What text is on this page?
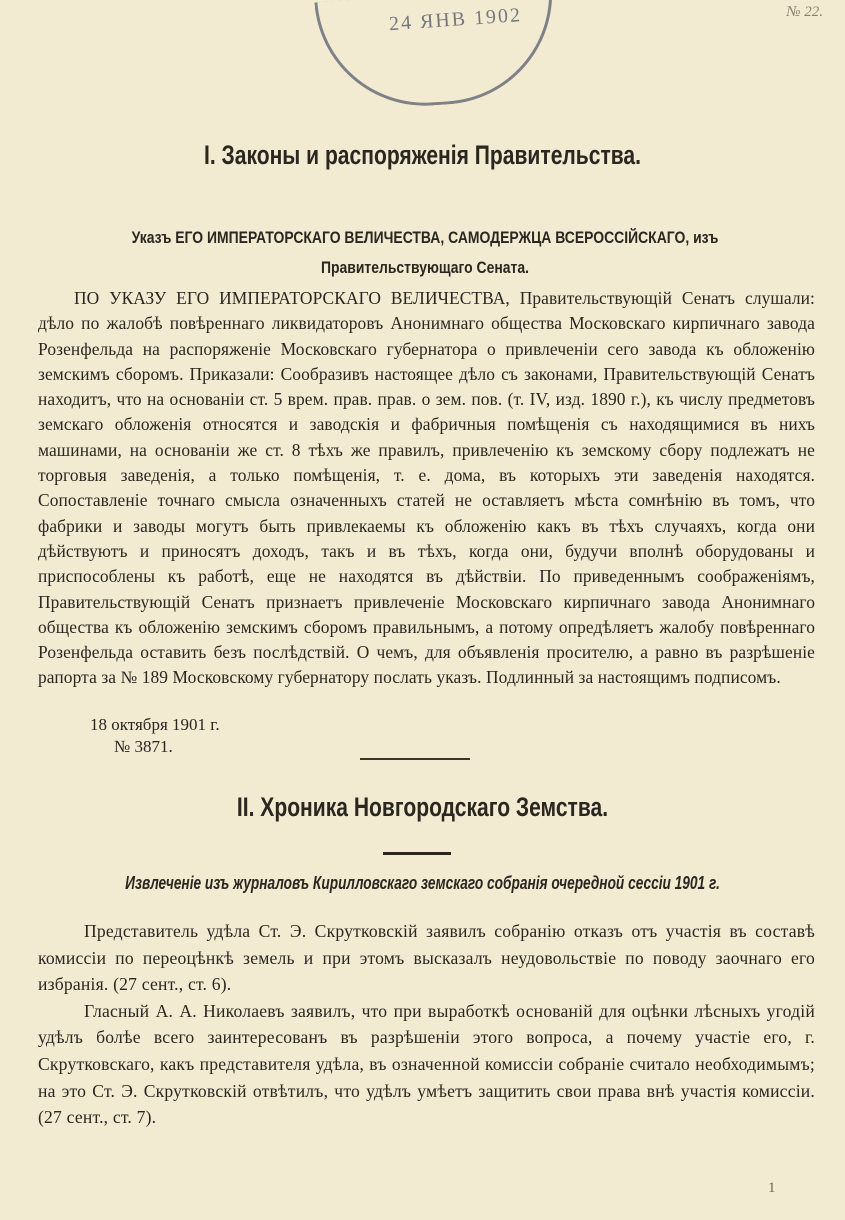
№ 22.
24 ЯНВ 1902
I. Законы и распоряженія Правительства.
Указъ ЕГО ИМПЕРАТОРСКАГО ВЕЛИЧЕСТВА, САМОДЕРЖЦА ВСЕРОССІЙСКАГО, изъ Правительствующаго Сената.

ПО УКАЗУ ЕГО ИМПЕРАТОРСКАГО ВЕЛИЧЕСТВА, Правительствующій Сенатъ слушали: дѣло по жалобѣ повѣреннаго ликвидаторовъ Анонимнаго общества Московскаго кирпичнаго завода Розенфельда на распоряженіе Московскаго губернатора о привлеченіи сего завода къ обложенію земскимъ сборомъ. Приказали: Сообразивъ настоящее дѣло съ законами, Правительствующій Сенатъ находитъ, что на основаніи ст. 5 врем. прав. прав. о зем. пов. (т. IV, изд. 1890 г.), къ числу предметовъ земскаго обложенія относятся и заводскія и фабричныя помѣщенія съ находящимися въ нихъ машинами, на основаніи же ст. 8 тѣхъ же правилъ, привлеченію къ земскому сбору подлежатъ не торговыя заведенія, а только помѣщенія, т. е. дома, въ которыхъ эти заведенія находятся. Сопоставленіе точнаго смысла означенныхъ статей не оставляетъ мѣста сомнѣнію въ томъ, что фабрики и заводы могутъ быть привлекаемы къ обложенію какъ въ тѣхъ случаяхъ, когда они дѣйствуютъ и приносятъ доходъ, такъ и въ тѣхъ, когда они, будучи вполнѣ оборудованы и приспособлены къ работѣ, еще не находятся въ дѣйствіи. По приведеннымъ соображеніямъ, Правительствующій Сенатъ признаетъ привлеченіе Московскаго кирпичнаго завода Анонимнаго общества къ обложенію земскимъ сборомъ правильнымъ, а потому опредѣляетъ жалобу повѣреннаго Розенфельда оставить безъ послѣдствій. О чемъ, для объявленія просителю, а равно въ разрѣшеніе рапорта за № 189 Московскому губернатору послать указъ. Подлинный за настоящимъ подписомъ.

18 октября 1901 г.
№ 3871.
II. Хроника Новгородскаго Земства.
Извлеченіе изъ журналовъ Кирилловскаго земскаго собранія очередной сессіи 1901 г.

Представитель удѣла Ст. Э. Скрутковскій заявилъ собранію отказъ отъ участія въ составѣ комиссіи по переоцѣнкѣ земель и при этомъ высказалъ неудовольствіе по поводу заочнаго его избранія. (27 сент., ст. 6).

Гласный А. А. Николаевъ заявилъ, что при выработкѣ основаній для оцѣнки лѣсныхъ угодій удѣлъ болѣе всего заинтересованъ въ разрѣшеніи этого вопроса, а почему участіе его, г. Скрутковскаго, какъ представителя удѣла, въ означенной комиссіи собраніе считало необходимымъ; на это Ст. Э. Скрутковскій отвѣтилъ, что удѣлъ умѣетъ защитить свои права внѣ участія комиссіи. (27 сент., ст. 7).

1
